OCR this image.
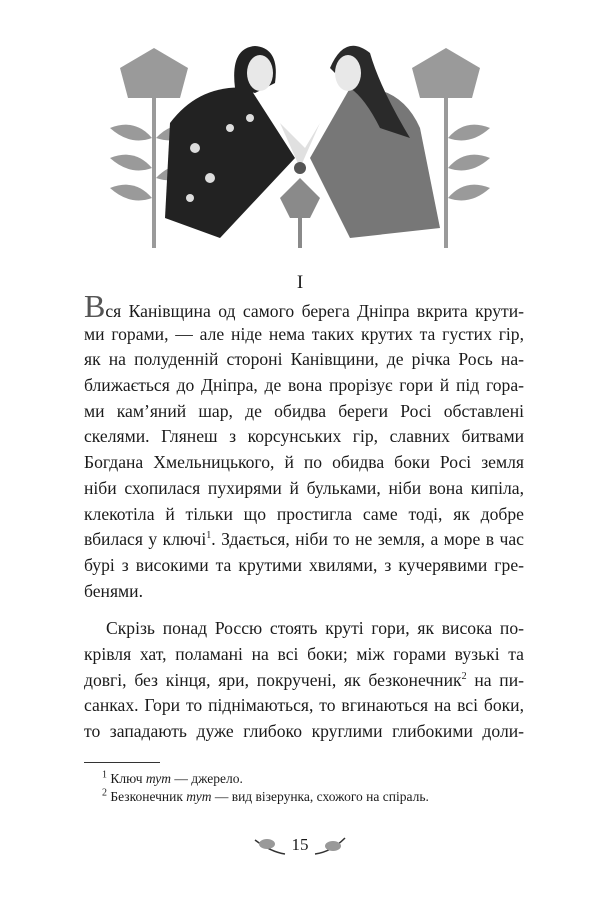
I
Вся Канівщина од самого берега Дніпра вкрита крути-
ми горами, — але ніде нема таких крутих та густих гір,
як на полуденній стороні Канівщини, де річка Рось на-
ближається до Дніпра, де вона прорізує гори й під гора-
ми кам’яний шар, де обидва береги Росі обставлені
скелями. Глянеш з корсунських гір, славних битвами
Богдана Хмельницького, й по обидва боки Росі земля
ніби схопилася пухирями й бульками, ніби вона кипіла,
клекотіла й тільки що простигла саме тоді, як добре
вбилася у ключі$^1$. Здається, ніби то не земля, а море в час
бурі з високими та крутими хвилями, з кучерявими гре-
бенями.
Скрізь понад Россю стоять круті гори, як висока по-
крівля хат, поламані на всі боки; між горами вузькі та
довгі, без кінця, яри, покручені, як безконечник$^2$ на пи-
санках. Гори то піднімаються, то вгинаються на всі боки,
то западають дуже глибоко круглими глибокими доли-
$^1$ Ключ тут — джерело.
$^2$ Безконечник тут — вид візерунка, схожого на спіраль.
15
